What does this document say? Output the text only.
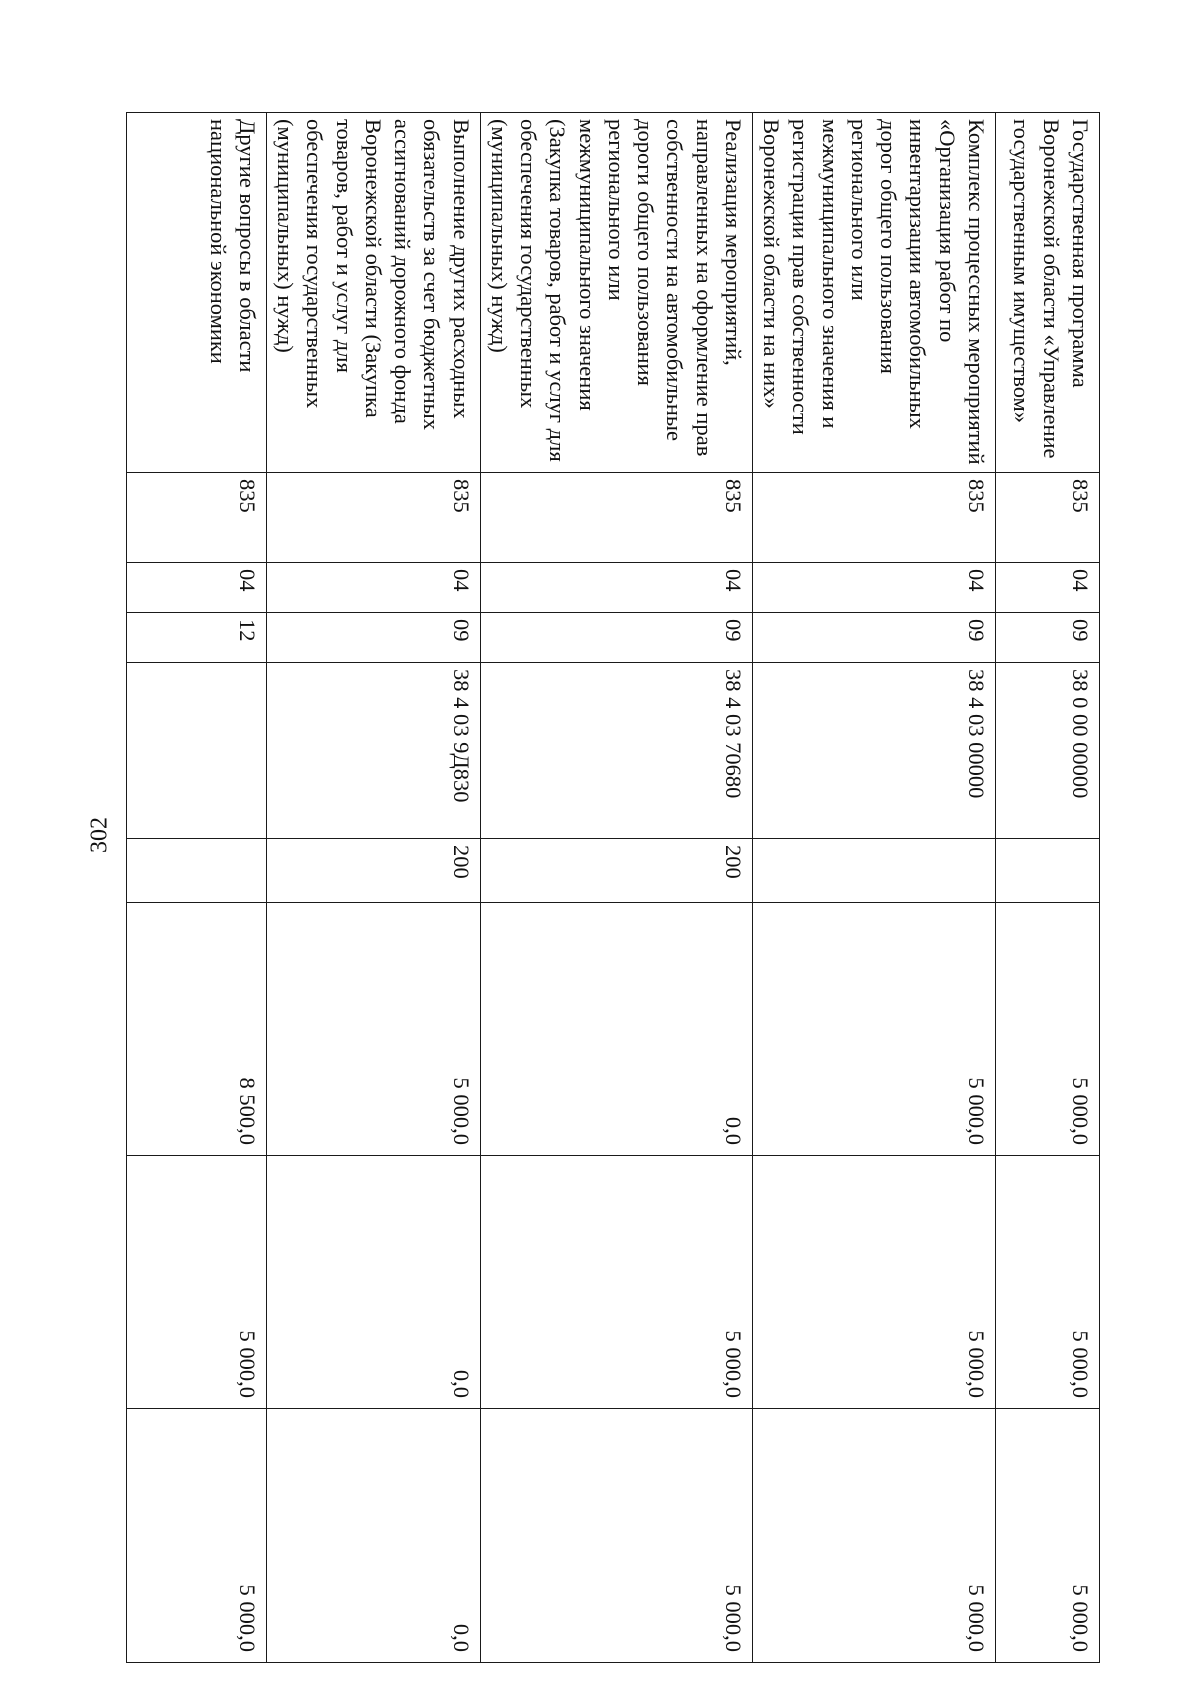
302
Государственная программа Воронежской области «Управление государственным имуществом»	835	04	09	38 0 00 00000		5 000,0	5 000,0	5 000,0
Комплекс процессных мероприятий «Организация работ по инвентаризации автомобильных дорог общего пользования регионального или межмуниципального значения и регистрации прав собственности Воронежской области на них»	835	04	09	38 4 03 00000		5 000,0	5 000,0	5 000,0
Реализация мероприятий, направленных на оформление прав собственности на автомобильные дороги общего пользования регионального или межмуниципального значения (Закупка товаров, работ и услуг для обеспечения государственных (муниципальных) нужд)	835	04	09	38 4 03 70680	200	0,0	5 000,0	5 000,0
Выполнение других расходных обязательств за счет бюджетных ассигнований дорожного фонда Воронежской области (Закупка товаров, работ и услуг для обеспечения государственных (муниципальных) нужд)	835	04	09	38 4 03 9Д830	200	5 000,0	0,0	0,0
Другие вопросы в области национальной экономики	835	04	12			8 500,0	5 000,0	5 000,0
